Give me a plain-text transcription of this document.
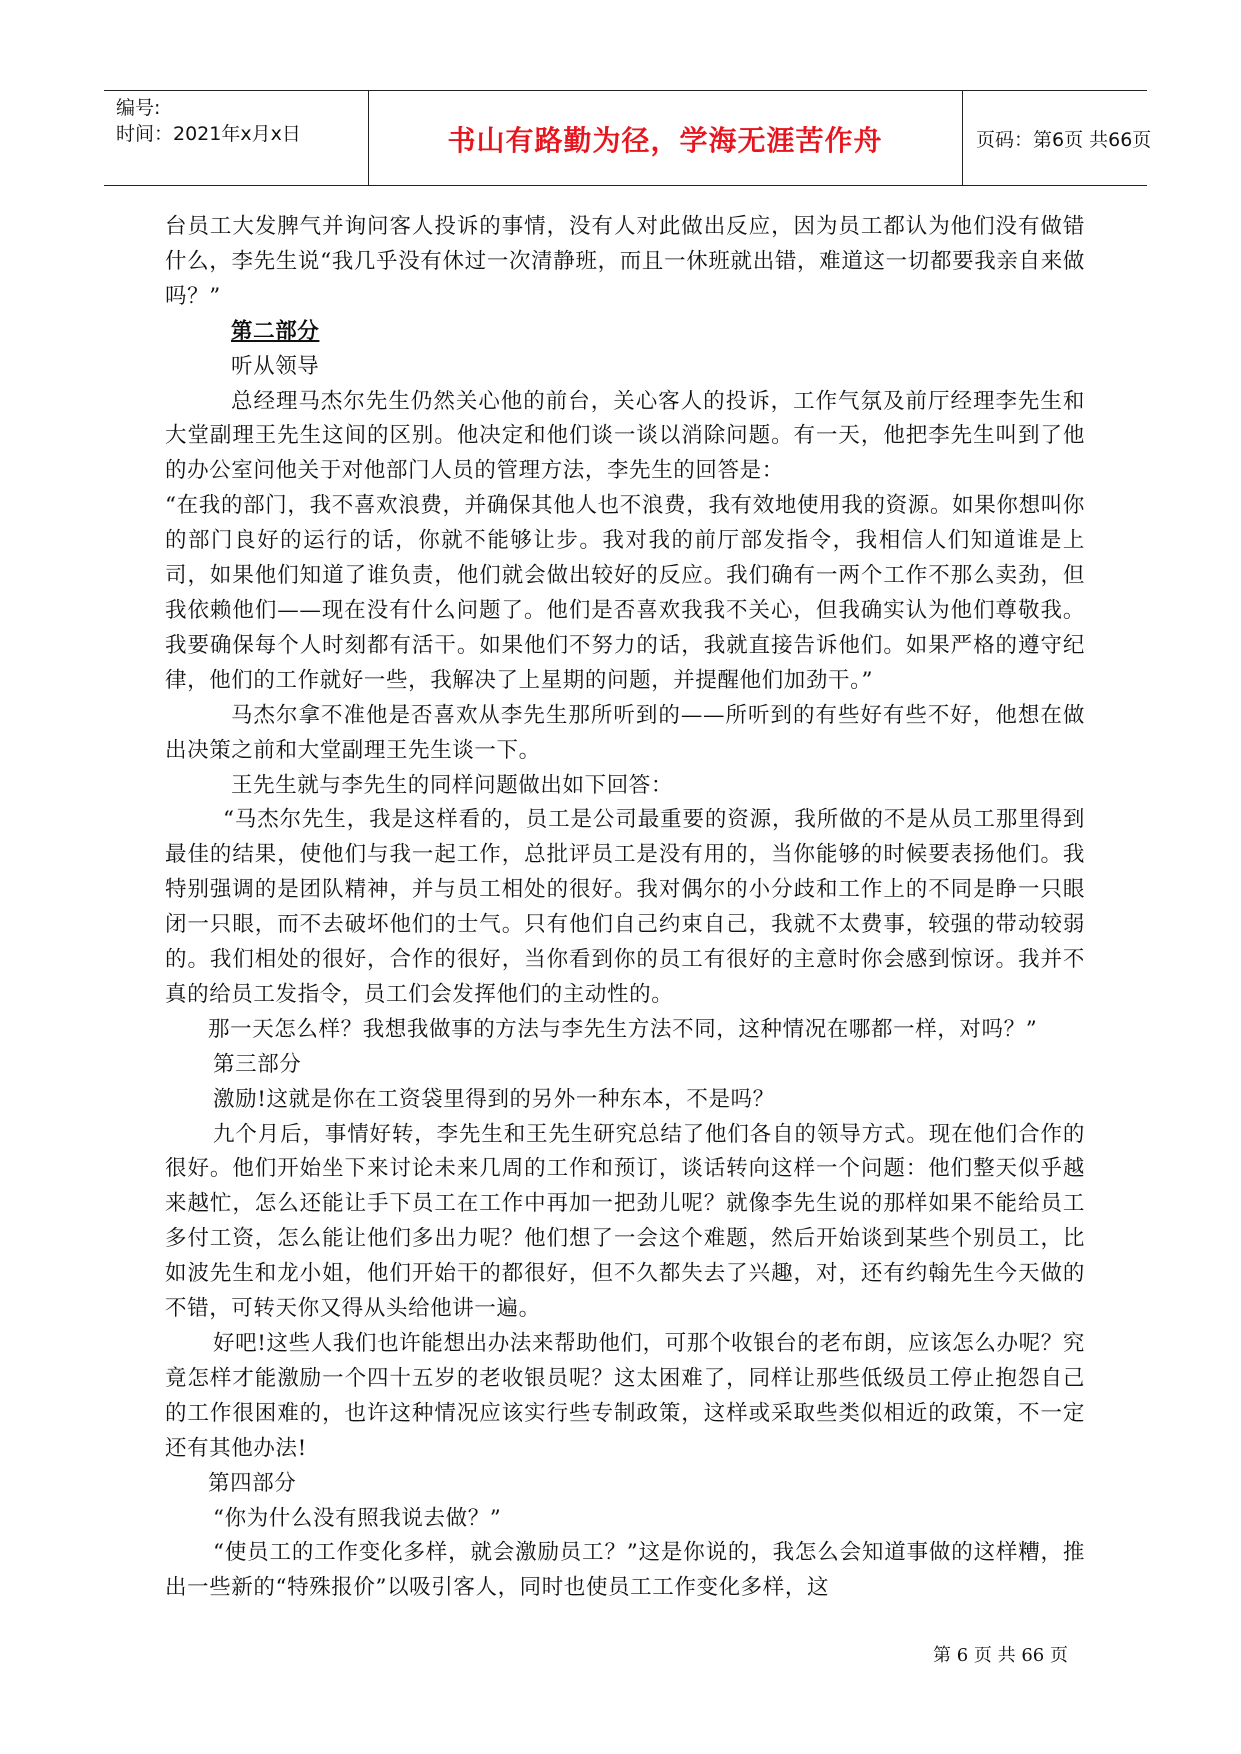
编号:
时间：2021年x月x日	书山有路勤为径，学海无涯苦作舟	页码：第6页 共66页

台员工大发脾气并询问客人投诉的事情，没有人对此做出反应，因为员工都认为他们没有做错什么，李先生说“我几乎没有休过一次清静班，而且一休班就出错，难道这一切都要我亲自来做吗？”

第二部分

听从领导

总经理马杰尔先生仍然关心他的前台，关心客人的投诉，工作气氛及前厅经理李先生和大堂副理王先生这间的区别。他决定和他们谈一谈以消除问题。有一天，他把李先生叫到了他的办公室问他关于对他部门人员的管理方法，李先生的回答是：

“在我的部门，我不喜欢浪费，并确保其他人也不浪费，我有效地使用我的资源。如果你想叫你的部门良好的运行的话，你就不能够让步。我对我的前厅部发指令，我相信人们知道谁是上司，如果他们知道了谁负责，他们就会做出较好的反应。我们确有一两个工作不那么卖劲，但我依赖他们——现在没有什么问题了。他们是否喜欢我我不关心，但我确实认为他们尊敬我。我要确保每个人时刻都有活干。如果他们不努力的话，我就直接告诉他们。如果严格的遵守纪律，他们的工作就好一些，我解决了上星期的问题，并提醒他们加劲干。”

马杰尔拿不准他是否喜欢从李先生那所听到的——所听到的有些好有些不好，他想在做出决策之前和大堂副理王先生谈一下。

王先生就与李先生的同样问题做出如下回答：

“马杰尔先生，我是这样看的，员工是公司最重要的资源，我所做的不是从员工那里得到最佳的结果，使他们与我一起工作，总批评员工是没有用的，当你能够的时候要表扬他们。我特别强调的是团队精神，并与员工相处的很好。我对偶尔的小分歧和工作上的不同是睁一只眼闭一只眼，而不去破坏他们的士气。只有他们自己约束自己，我就不太费事，较强的带动较弱的。我们相处的很好，合作的很好，当你看到你的员工有很好的主意时你会感到惊讶。我并不真的给员工发指令，员工们会发挥他们的主动性的。

那一天怎么样？我想我做事的方法与李先生方法不同，这种情况在哪都一样，对吗？”

第三部分

激励!这就是你在工资袋里得到的另外一种东本，不是吗？

九个月后，事情好转，李先生和王先生研究总结了他们各自的领导方式。现在他们合作的很好。他们开始坐下来讨论未来几周的工作和预订，谈话转向这样一个问题：他们整天似乎越来越忙，怎么还能让手下员工在工作中再加一把劲儿呢？就像李先生说的那样如果不能给员工多付工资，怎么能让他们多出力呢？他们想了一会这个难题，然后开始谈到某些个别员工，比如波先生和龙小姐，他们开始干的都很好，但不久都失去了兴趣，对，还有约翰先生今天做的不错，可转天你又得从头给他讲一遍。

好吧!这些人我们也许能想出办法来帮助他们，可那个收银台的老布朗，应该怎么办呢？究竟怎样才能激励一个四十五岁的老收银员呢？这太困难了，同样让那些低级员工停止抱怨自己的工作很困难的，也许这种情况应该实行些专制政策，这样或采取些类似相近的政策，不一定还有其他办法!

第四部分

“你为什么没有照我说去做？”

“使员工的工作变化多样，就会激励员工？”这是你说的，我怎么会知道事做的这样糟，推出一些新的“特殊报价”以吸引客人，同时也使员工工作变化多样，这

第 6 页 共 66 页
